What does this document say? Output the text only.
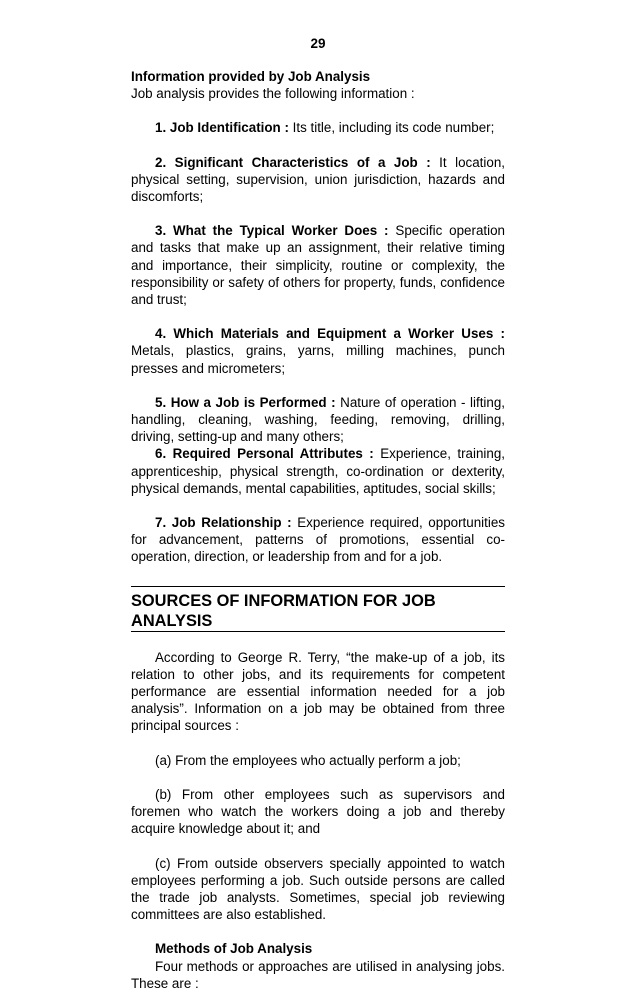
29

Information provided by Job Analysis

Job analysis provides the following information :

1. Job Identification : Its title, including its code number;

2. Significant Characteristics of a Job : It location, physical setting, supervision, union jurisdiction, hazards and discomforts;

3. What the Typical Worker Does : Specific operation and tasks that make up an assignment, their relative timing and importance, their simplicity, routine or complexity, the responsibility or safety of others for property, funds, confidence and trust;

4. Which Materials and Equipment a Worker Uses : Metals, plastics, grains, yarns, milling machines, punch presses and micrometers;

5. How a Job is Performed : Nature of operation - lifting, handling, cleaning, washing, feeding, removing, drilling, driving, setting-up and many others;

6. Required Personal Attributes : Experience, training, apprenticeship, physical strength, co-ordination or dexterity, physical demands, mental capabilities, aptitudes, social skills;

7. Job Relationship : Experience required, opportunities for advancement, patterns of promotions, essential co-operation, direction, or leadership from and for a job.

SOURCES OF INFORMATION FOR JOB ANALYSIS

According to George R. Terry, “the make-up of a job, its relation to other jobs, and its requirements for competent performance are essential information needed for a job analysis”. Information on a job may be obtained from three principal sources :

(a) From the employees who actually perform a job;

(b) From other employees such as supervisors and foremen who watch the workers doing a job and thereby acquire knowledge about it; and

(c) From outside observers specially appointed to watch employees performing a job. Such outside persons are called the trade job analysts. Sometimes, special job reviewing committees are also established.

Methods of Job Analysis

Four methods or approaches are utilised in analysing jobs. These are :
